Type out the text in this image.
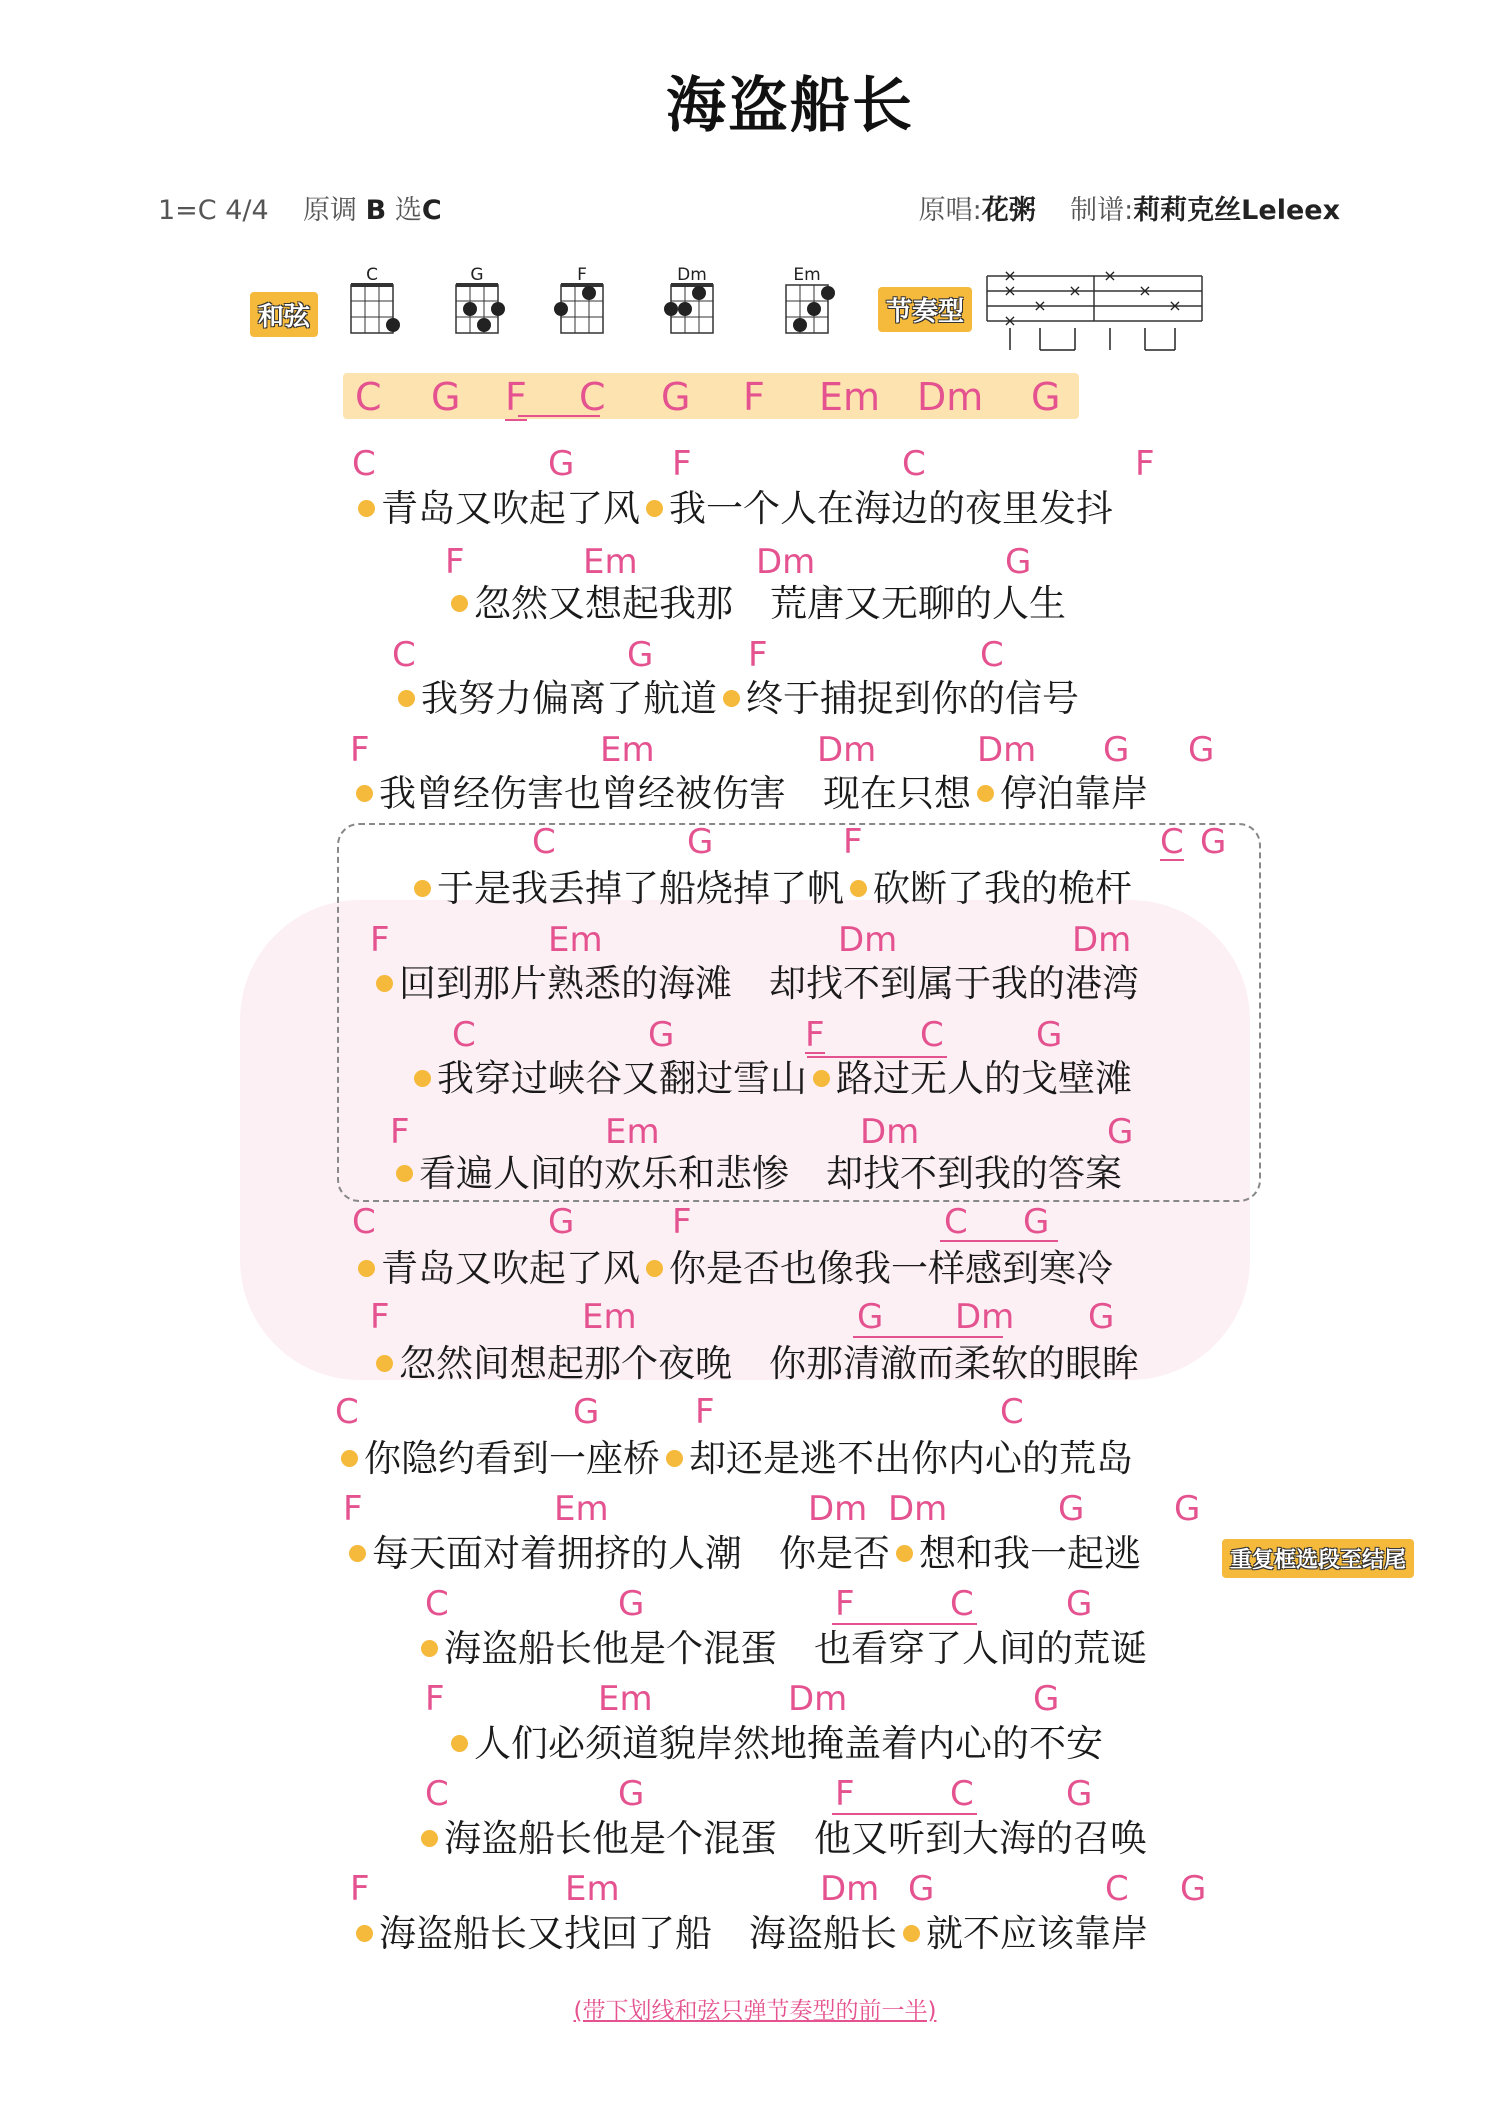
海盗船长
1=C 4/4 原调 B 选C	原唱:花粥 制谱:莉莉克丝Leleex
和弦
C	G	F	Dm	Em
节奏型
×
×
×
×
×
×
×
×
C G F C G F Em Dm G
C	G	F	C	F
青岛又吹起了风 我一个人在海边的夜里发抖
F	Em	Dm	G
忽然又想起我那　 荒唐又无聊的人生
C	G	F	C
我努力偏离了航道 终于捕捉到你的信号
F	Em	Dm	Dm G G
我曾经伤害也曾经被伤害　 现在只想 停泊靠岸
C	G	F	C G
于是我丢掉了船烧掉了帆 砍断了我的桅杆
F	Em	Dm	Dm
回到那片熟悉的海滩　 却找不到属于我的港湾
C	G	F	C	G
我穿过峡谷又翻过雪山 路过无人的戈壁滩
F	Em	Dm	G
看遍人间的欢乐和悲惨　 却找不到我的答案
C	G	F	C G
青岛又吹起了风 你是否也像我一样感到寒冷
F	Em	G Dm G
忽然间想起那个夜晚　 你那清澈而柔软的眼眸
C	G	F	C
你隐约看到一座桥 却还是逃不出你内心的荒岛
F	Em	Dm Dm	G	G
每天面对着拥挤的人潮　 你是否 想和我一起逃	重复框选段至结尾
C	G	F	C	G
海盗船长他是个混蛋　 也看穿了人间的荒诞
F	Em	Dm	G
人们必须道貌岸然地掩盖着内心的不安
C	G	F	C	G
海盗船长他是个混蛋　 他又听到大海的召唤
F	Em	Dm G	C G
海盗船长又找回了船　 海盗船长 就不应该靠岸
(带下划线和弦只弹节奏型的前一半)
